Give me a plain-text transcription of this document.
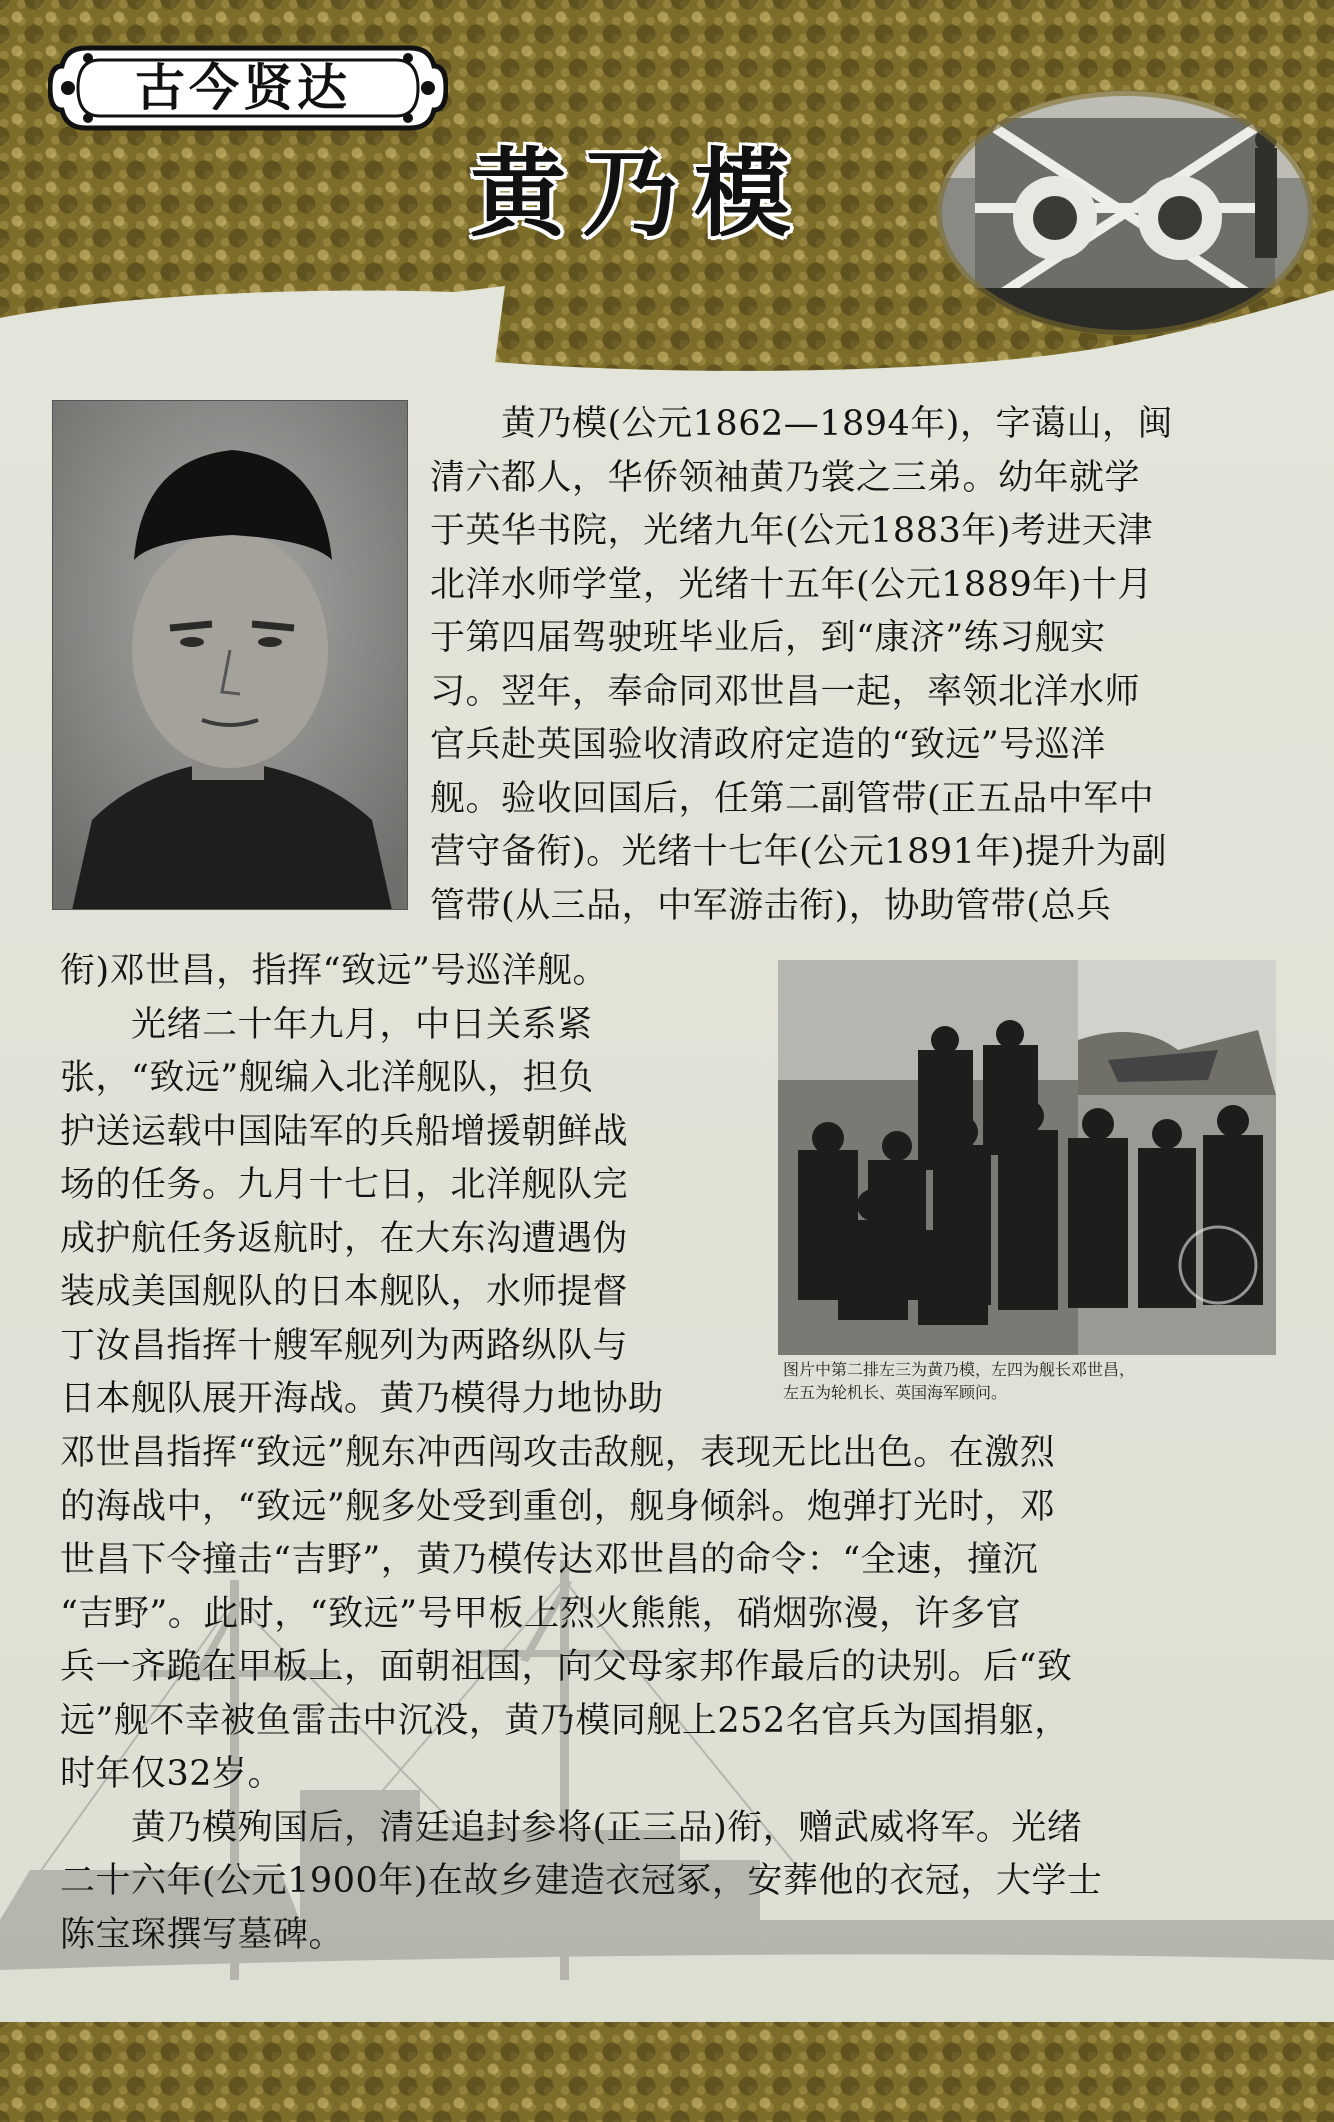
古今贤达
黄乃模
图片中第二排左三为黄乃模，左四为舰长邓世昌，
左五为轮机长、英国海军顾问。
　　黄乃模(公元1862—1894年)，字蔼山，闽
清六都人，华侨领袖黄乃裳之三弟。幼年就学
于英华书院，光绪九年(公元1883年)考进天津
北洋水师学堂，光绪十五年(公元1889年)十月
于第四届驾驶班毕业后，到“康济”练习舰实
习。翌年，奉命同邓世昌一起，率领北洋水师
官兵赴英国验收清政府定造的“致远”号巡洋
舰。验收回国后，任第二副管带(正五品中军中
营守备衔)。光绪十七年(公元1891年)提升为副
管带(从三品，中军游击衔)，协助管带(总兵
衔)邓世昌，指挥“致远”号巡洋舰。
　　光绪二十年九月，中日关系紧
张，“致远”舰编入北洋舰队，担负
护送运载中国陆军的兵船增援朝鲜战
场的任务。九月十七日，北洋舰队完
成护航任务返航时，在大东沟遭遇伪
装成美国舰队的日本舰队，水师提督
丁汝昌指挥十艘军舰列为两路纵队与
日本舰队展开海战。黄乃模得力地协助
邓世昌指挥“致远”舰东冲西闯攻击敌舰，表现无比出色。在激烈
的海战中，“致远”舰多处受到重创，舰身倾斜。炮弹打光时，邓
世昌下令撞击“吉野”，黄乃模传达邓世昌的命令：“全速，撞沉
“吉野”。此时，“致远”号甲板上烈火熊熊，硝烟弥漫，许多官
兵一齐跪在甲板上，面朝祖国，向父母家邦作最后的诀别。后“致
远”舰不幸被鱼雷击中沉没，黄乃模同舰上252名官兵为国捐躯，
时年仅32岁。
　　黄乃模殉国后，清廷追封参将(正三品)衔，赠武威将军。光绪
二十六年(公元1900年)在故乡建造衣冠冢，安葬他的衣冠，大学士
陈宝琛撰写墓碑。
